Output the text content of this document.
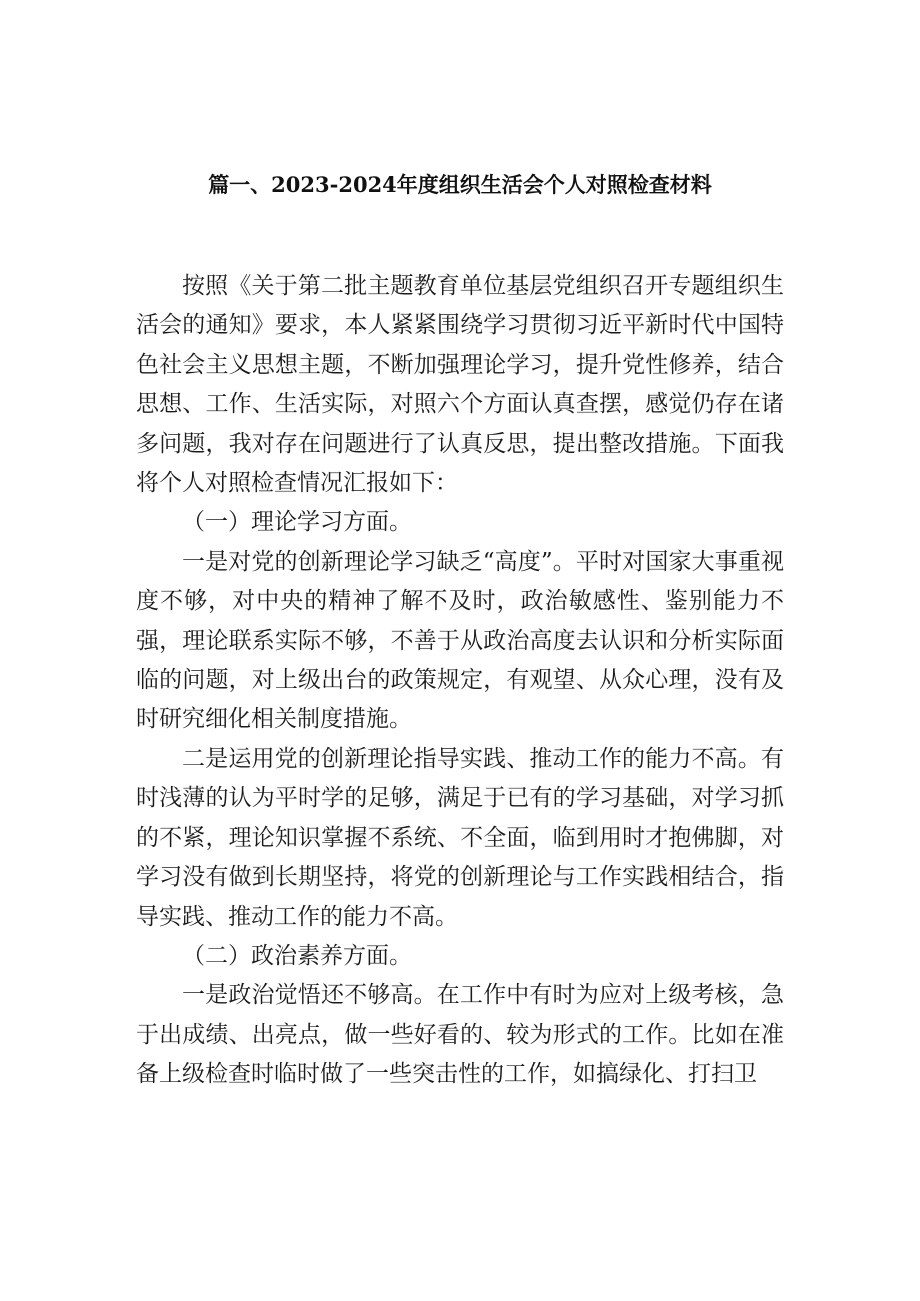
篇一、2023-2024年度组织生活会个人对照检查材料

按照《关于第二批主题教育单位基层党组织召开专题组织生活会的通知》要求，本人紧紧围绕学习贯彻习近平新时代中国特色社会主义思想主题，不断加强理论学习，提升党性修养，结合思想、工作、生活实际，对照六个方面认真查摆，感觉仍存在诸多问题，我对存在问题进行了认真反思，提出整改措施。下面我将个人对照检查情况汇报如下：

（一）理论学习方面。

一是对党的创新理论学习缺乏“高度”。平时对国家大事重视度不够，对中央的精神了解不及时，政治敏感性、鉴别能力不强，理论联系实际不够，不善于从政治高度去认识和分析实际面临的问题，对上级出台的政策规定，有观望、从众心理，没有及时研究细化相关制度措施。

二是运用党的创新理论指导实践、推动工作的能力不高。有时浅薄的认为平时学的足够，满足于已有的学习基础，对学习抓的不紧，理论知识掌握不系统、不全面，临到用时才抱佛脚，对学习没有做到长期坚持，将党的创新理论与工作实践相结合，指导实践、推动工作的能力不高。

（二）政治素养方面。

一是政治觉悟还不够高。在工作中有时为应对上级考核，急于出成绩、出亮点，做一些好看的、较为形式的工作。比如在准备上级检查时临时做了一些突击性的工作，如搞绿化、打扫卫
